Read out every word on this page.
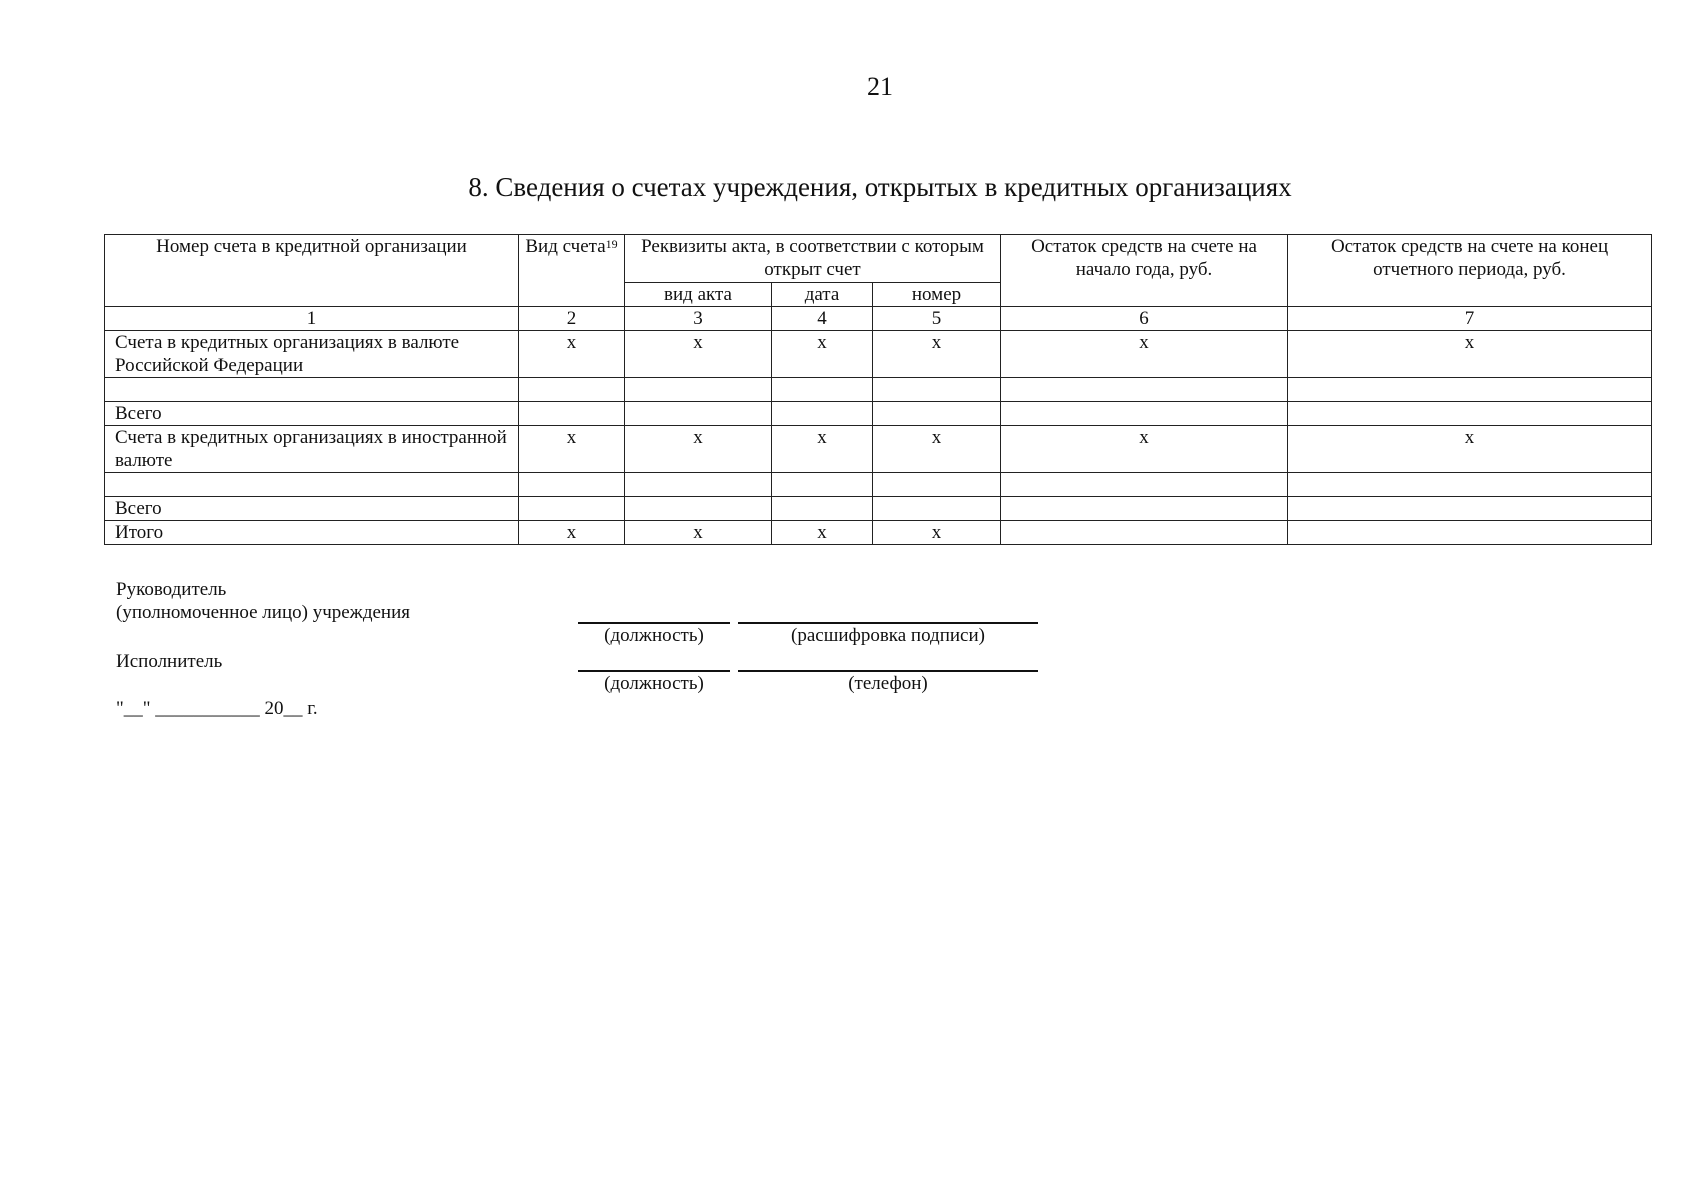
21
8. Сведения о счетах учреждения, открытых в кредитных организациях
Номер счета в кредитной организации	Вид счета$^{19}$	Реквизиты акта, в соответствии с которым открыт счет			Остаток средств на счете на начало года, руб.	Остаток средств на счете на конец отчетного периода, руб.
		вид акта	дата	номер		
1	2	3	4	5	6	7
Счета в кредитных организациях в валюте Российской Федерации	x	x	x	x	x	x

Всего						
Счета в кредитных организациях в иностранной валюте	x	x	x	x	x	x

Всего						
Итого	x	x	x	x		
Руководитель
(уполномоченное лицо) учреждения
(должность)	(расшифровка подписи)
Исполнитель
(должность)	(телефон)
"__" ___________ 20__ г.
